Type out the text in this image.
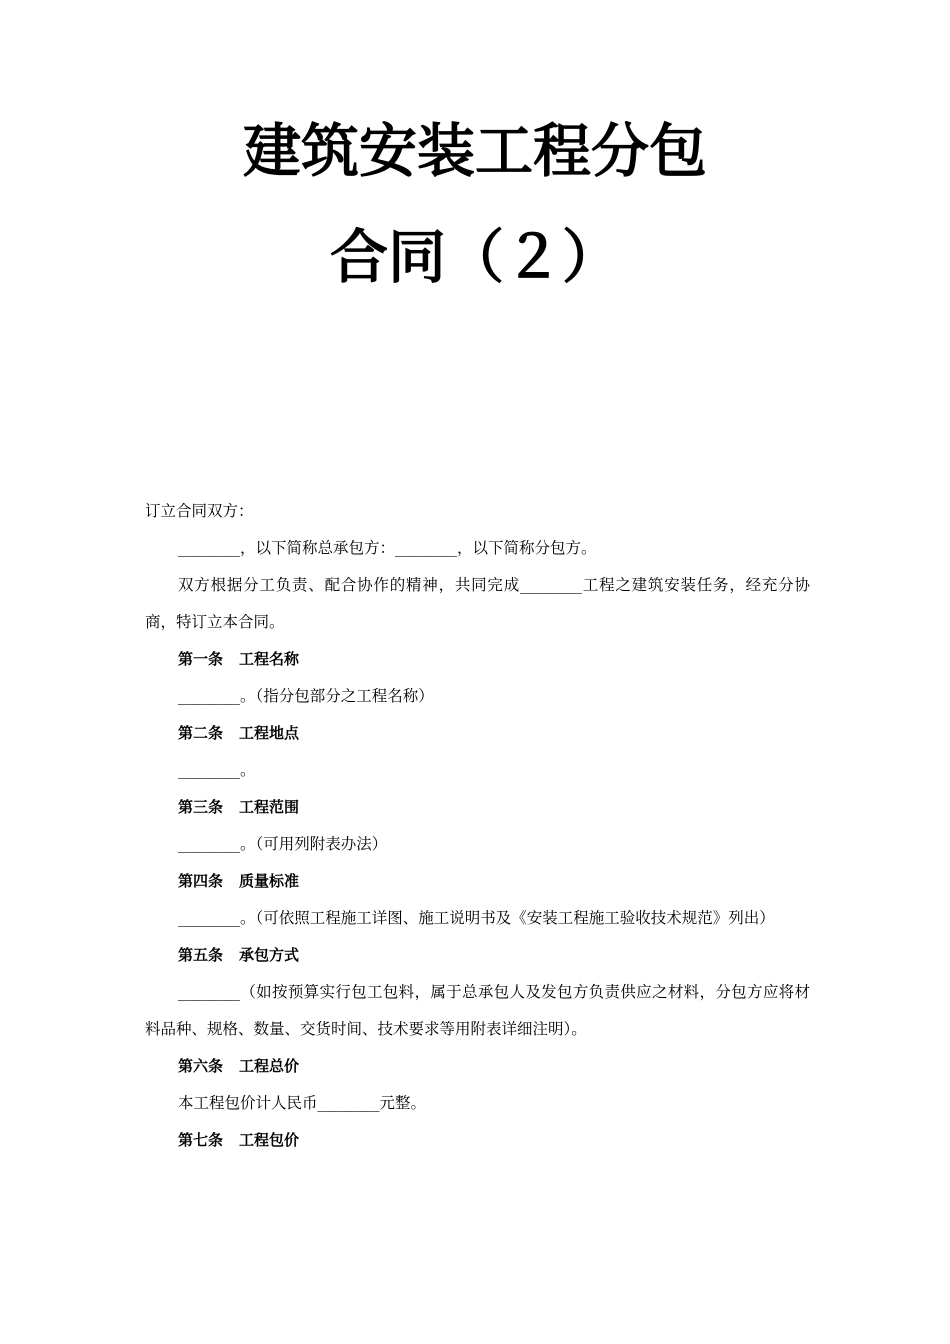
建筑安装工程分包
合同（２）

订立合同双方：

________，以下简称总承包方：________，以下简称分包方。

双方根据分工负责、配合协作的精神，共同完成________工程之建筑安装任务，经充分协商，特订立本合同。

第一条 工程名称

________。（指分包部分之工程名称）

第二条 工程地点

________。

第三条 工程范围

________。（可用列附表办法）

第四条 质量标准

________。（可依照工程施工详图、施工说明书及《安装工程施工验收技术规范》列出）

第五条 承包方式

________（如按预算实行包工包料，属于总承包人及发包方负责供应之材料，分包方应将材料品种、规格、数量、交货时间、技术要求等用附表详细注明）。

第六条 工程总价

本工程包价计人民币________元整。

第七条 工程包价
